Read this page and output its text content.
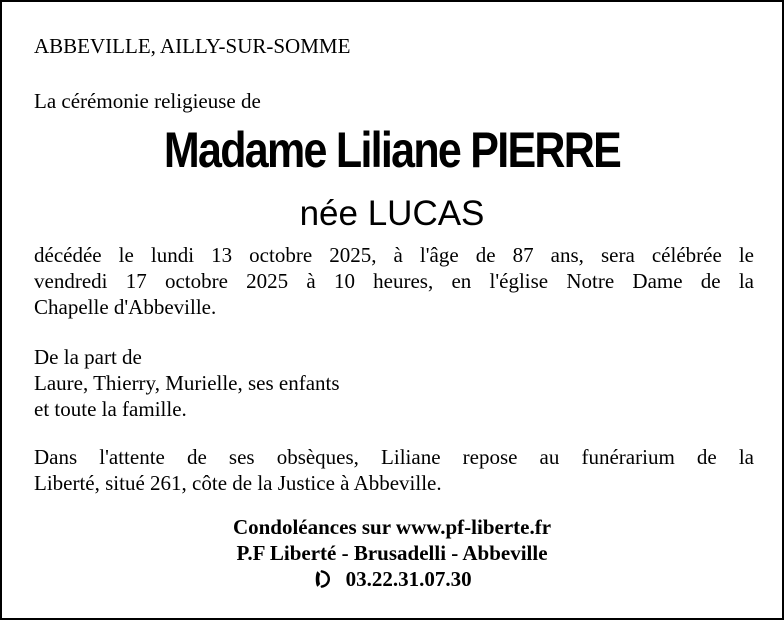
ABBEVILLE, AILLY-SUR-SOMME
La cérémonie religieuse de
Madame Liliane PIERRE
née LUCAS
décédée le lundi 13 octobre 2025, à l'âge de 87 ans, sera célébrée le
vendredi 17 octobre 2025 à 10 heures, en l'église Notre Dame de la
Chapelle d'Abbeville.
De la part de
Laure, Thierry, Murielle, ses enfants
et toute la famille.
Dans l'attente de ses obsèques, Liliane repose au funérarium de la
Liberté, situé 261, côte de la Justice à Abbeville.
Condoléances sur www.pf-liberte.fr
P.F Liberté - Brusadelli - Abbeville
03.22.31.07.30
